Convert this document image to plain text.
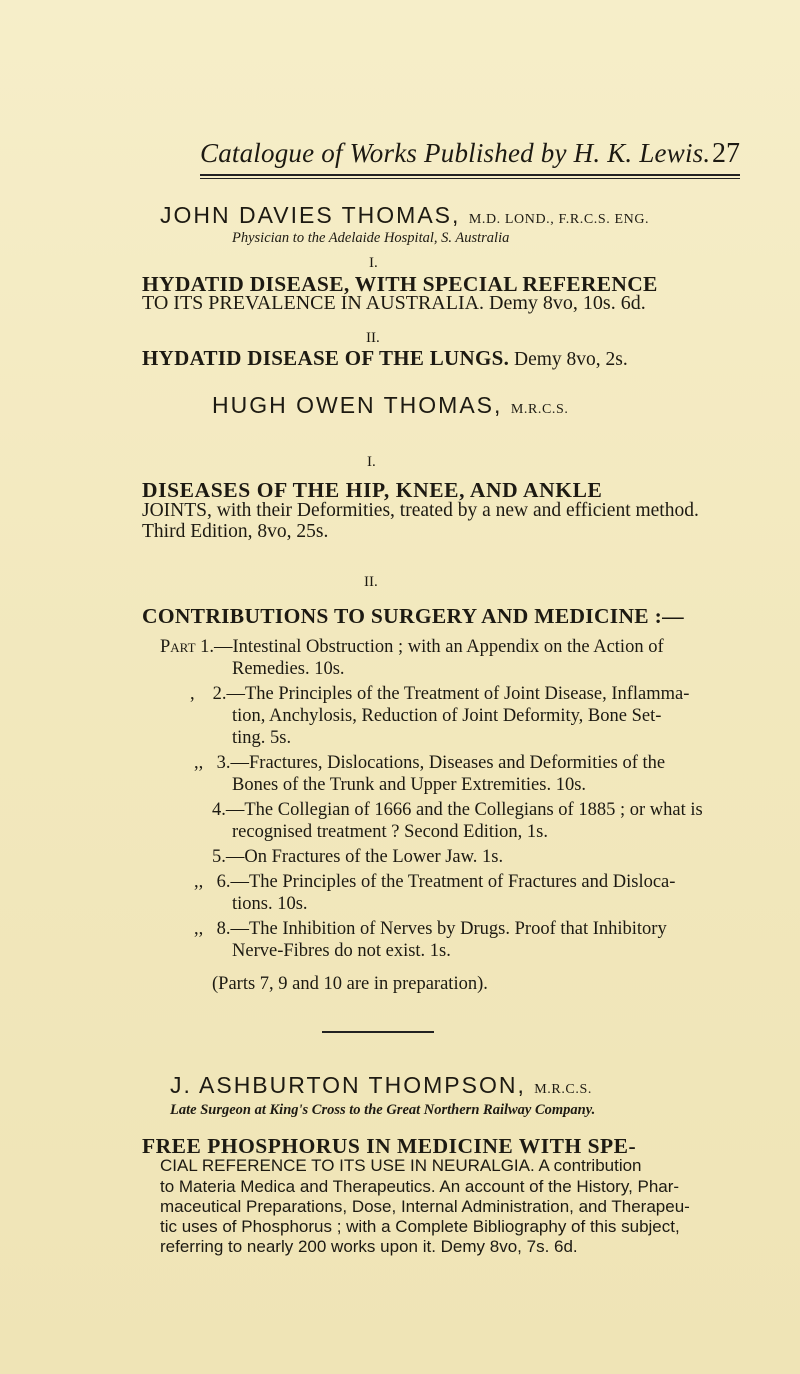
Catalogue of Works Published by H. K. Lewis. 27
JOHN DAVIES THOMAS, M.D. LOND., F.R.C.S. ENG.
Physician to the Adelaide Hospital, S. Australia
I.
HYDATID DISEASE, WITH SPECIAL REFERENCE
TO ITS PREVALENCE IN AUSTRALIA. Demy 8vo, 10s. 6d.
II.
HYDATID DISEASE OF THE LUNGS. Demy 8vo, 2s.
HUGH OWEN THOMAS, M.R.C.S.
I.
DISEASES OF THE HIP, KNEE, AND ANKLE
JOINTS, with their Deformities, treated by a new and efficient method.
Third Edition, 8vo, 25s.
II.
CONTRIBUTIONS TO SURGERY AND MEDICINE :—
Part 1.—Intestinal Obstruction ; with an Appendix on the Action of
Remedies. 10s.
, 2.—The Principles of the Treatment of Joint Disease, Inflamma-
tion, Anchylosis, Reduction of Joint Deformity, Bone Set-
ting. 5s.
,, 3.—Fractures, Dislocations, Diseases and Deformities of the
Bones of the Trunk and Upper Extremities. 10s.
4.—The Collegian of 1666 and the Collegians of 1885 ; or what is
recognised treatment ? Second Edition, 1s.
5.—On Fractures of the Lower Jaw. 1s.
,, 6.—The Principles of the Treatment of Fractures and Disloca-
tions. 10s.
,, 8.—The Inhibition of Nerves by Drugs. Proof that Inhibitory
Nerve-Fibres do not exist. 1s.
(Parts 7, 9 and 10 are in preparation).
J. ASHBURTON THOMPSON, M.R.C.S.
Late Surgeon at King's Cross to the Great Northern Railway Company.
FREE PHOSPHORUS IN MEDICINE WITH SPE-
CIAL REFERENCE TO ITS USE IN NEURALGIA. A contribution
to Materia Medica and Therapeutics. An account of the History, Phar-
maceutical Preparations, Dose, Internal Administration, and Therapeu-
tic uses of Phosphorus ; with a Complete Bibliography of this subject,
referring to nearly 200 works upon it. Demy 8vo, 7s. 6d.
